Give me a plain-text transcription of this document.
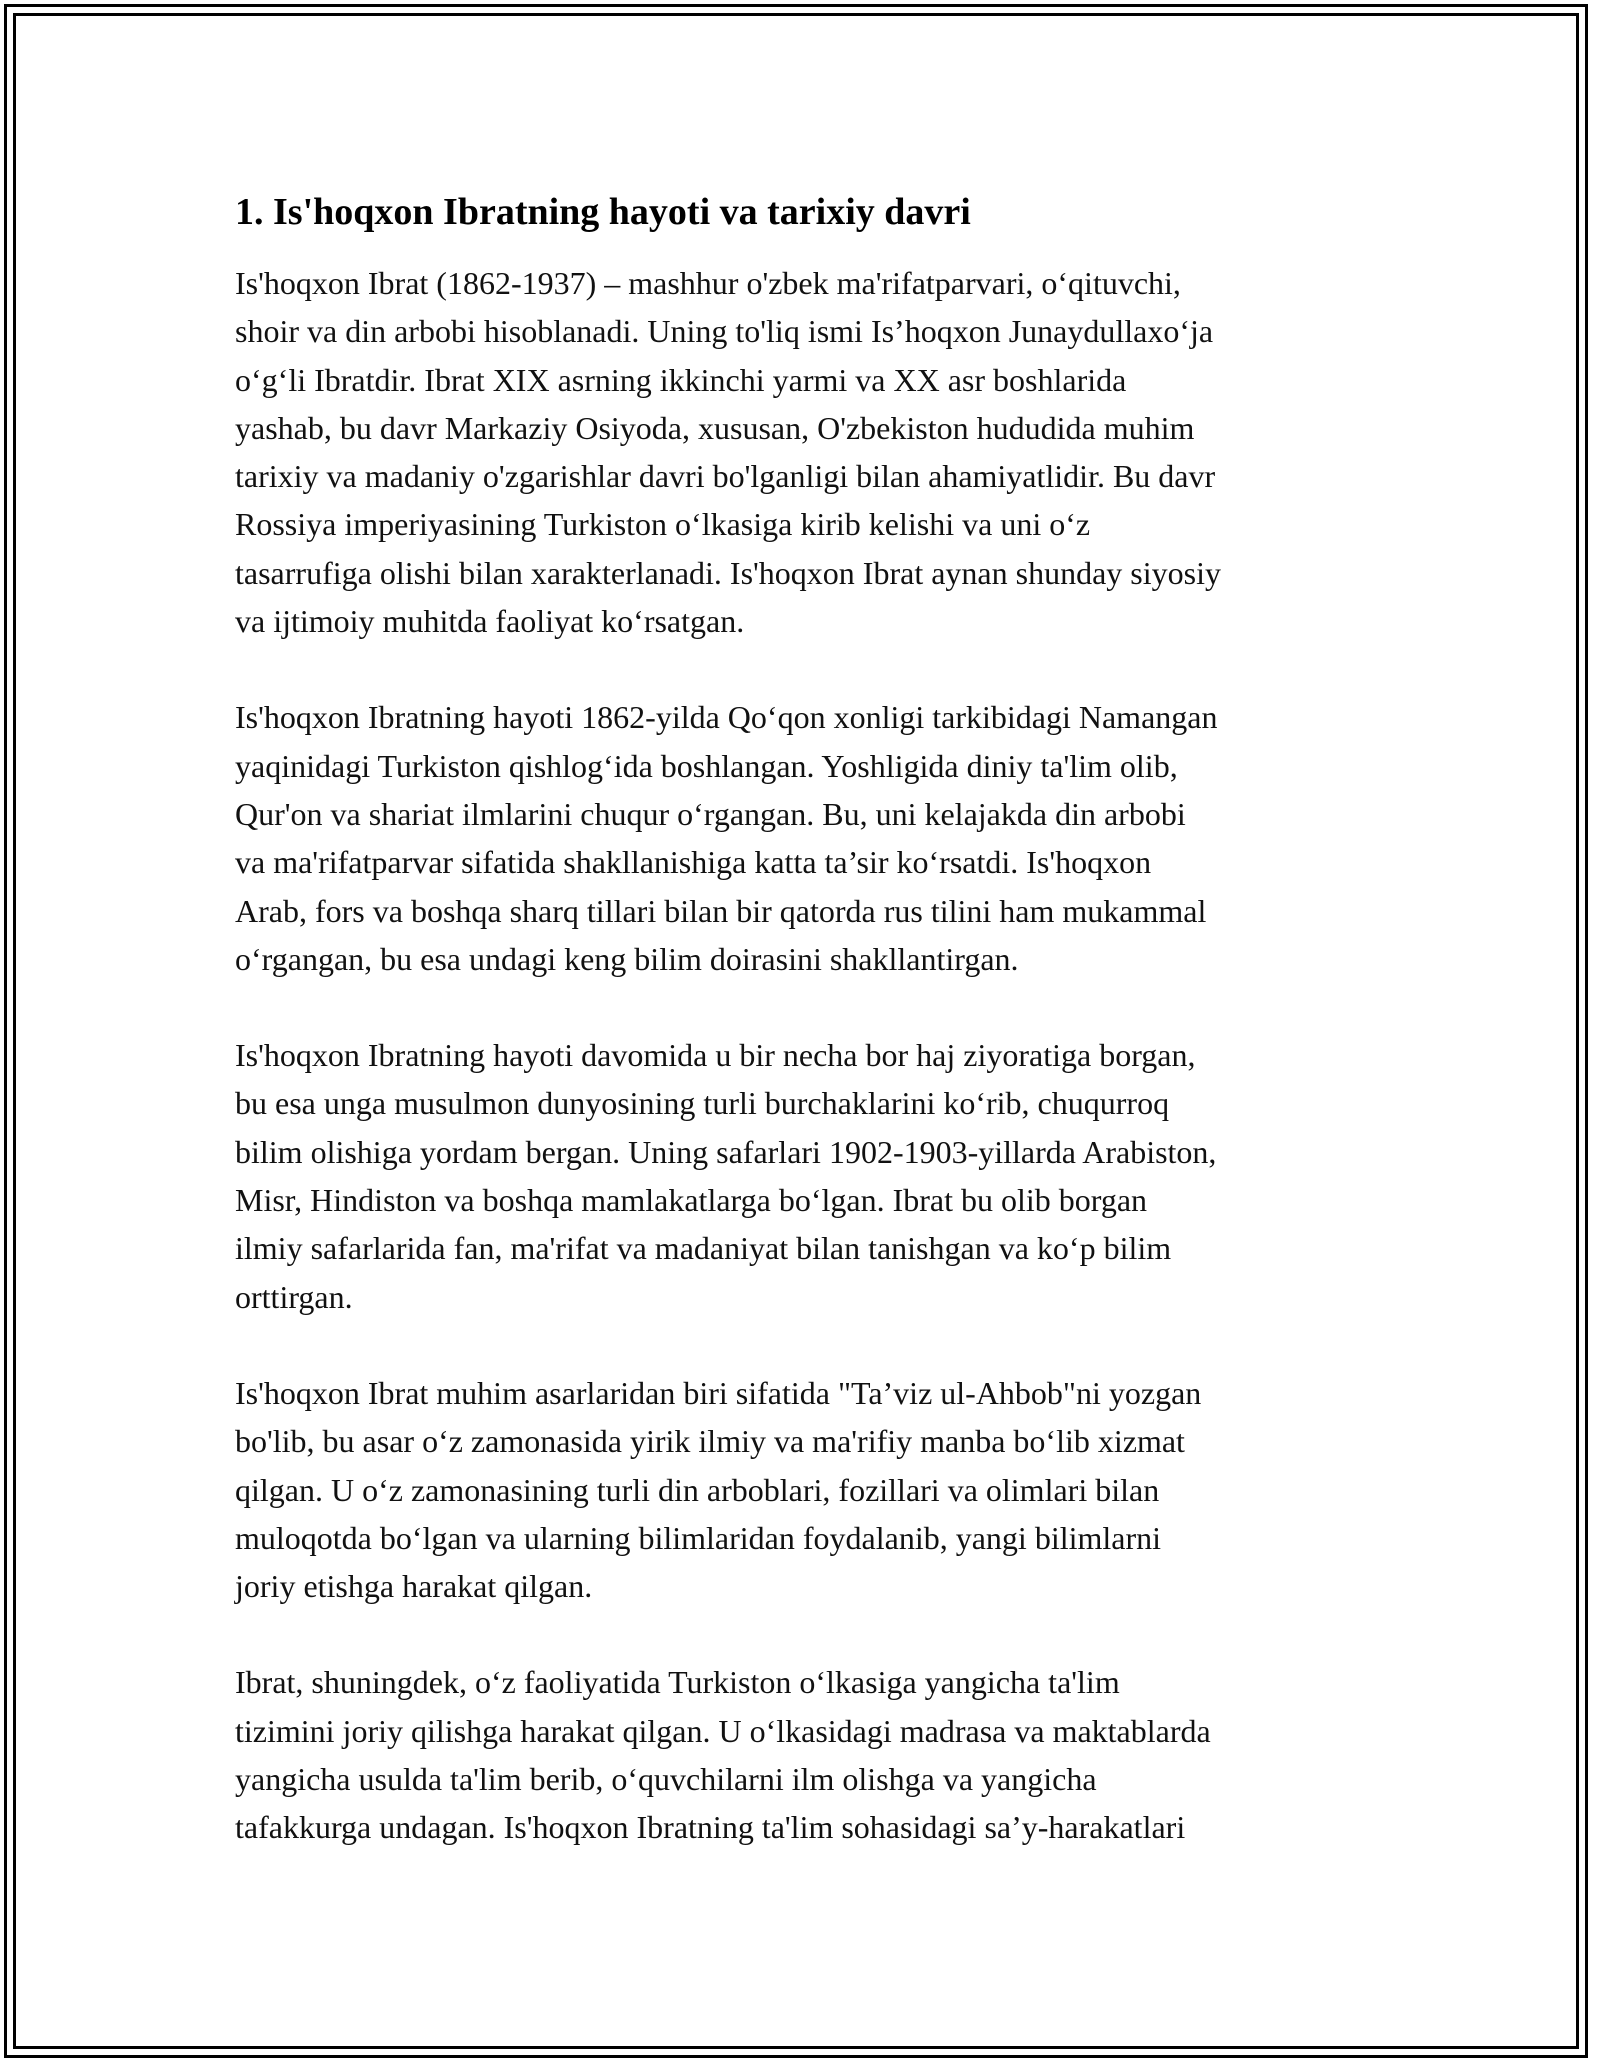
1. Is'hoqxon Ibratning hayoti va tarixiy davri

Is'hoqxon Ibrat (1862-1937) – mashhur o'zbek ma'rifatparvari, o‘qituvchi,
shoir va din arbobi hisoblanadi. Uning to'liq ismi Is’hoqxon Junaydullaxo‘ja
o‘g‘li Ibratdir. Ibrat XIX asrning ikkinchi yarmi va XX asr boshlarida
yashab, bu davr Markaziy Osiyoda, xususan, O'zbekiston hududida muhim
tarixiy va madaniy o'zgarishlar davri bo'lganligi bilan ahamiyatlidir. Bu davr
Rossiya imperiyasining Turkiston o‘lkasiga kirib kelishi va uni o‘z
tasarrufiga olishi bilan xarakterlanadi. Is'hoqxon Ibrat aynan shunday siyosiy
va ijtimoiy muhitda faoliyat ko‘rsatgan.

Is'hoqxon Ibratning hayoti 1862-yilda Qo‘qon xonligi tarkibidagi Namangan
yaqinidagi Turkiston qishlog‘ida boshlangan. Yoshligida diniy ta'lim olib,
Qur'on va shariat ilmlarini chuqur o‘rgangan. Bu, uni kelajakda din arbobi
va ma'rifatparvar sifatida shakllanishiga katta ta’sir ko‘rsatdi. Is'hoqxon
Arab, fors va boshqa sharq tillari bilan bir qatorda rus tilini ham mukammal
o‘rgangan, bu esa undagi keng bilim doirasini shakllantirgan.

Is'hoqxon Ibratning hayoti davomida u bir necha bor haj ziyoratiga borgan,
bu esa unga musulmon dunyosining turli burchaklarini ko‘rib, chuqurroq
bilim olishiga yordam bergan. Uning safarlari 1902-1903-yillarda Arabiston,
Misr, Hindiston va boshqa mamlakatlarga bo‘lgan. Ibrat bu olib borgan
ilmiy safarlarida fan, ma'rifat va madaniyat bilan tanishgan va ko‘p bilim
orttirgan.

Is'hoqxon Ibrat muhim asarlaridan biri sifatida "Ta’viz ul-Ahbob"ni yozgan
bo'lib, bu asar o‘z zamonasida yirik ilmiy va ma'rifiy manba bo‘lib xizmat
qilgan. U o‘z zamonasining turli din arboblari, fozillari va olimlari bilan
muloqotda bo‘lgan va ularning bilimlaridan foydalanib, yangi bilimlarni
joriy etishga harakat qilgan.

Ibrat, shuningdek, o‘z faoliyatida Turkiston o‘lkasiga yangicha ta'lim
tizimini joriy qilishga harakat qilgan. U o‘lkasidagi madrasa va maktablarda
yangicha usulda ta'lim berib, o‘quvchilarni ilm olishga va yangicha
tafakkurga undagan. Is'hoqxon Ibratning ta'lim sohasidagi sa’y-harakatlari
